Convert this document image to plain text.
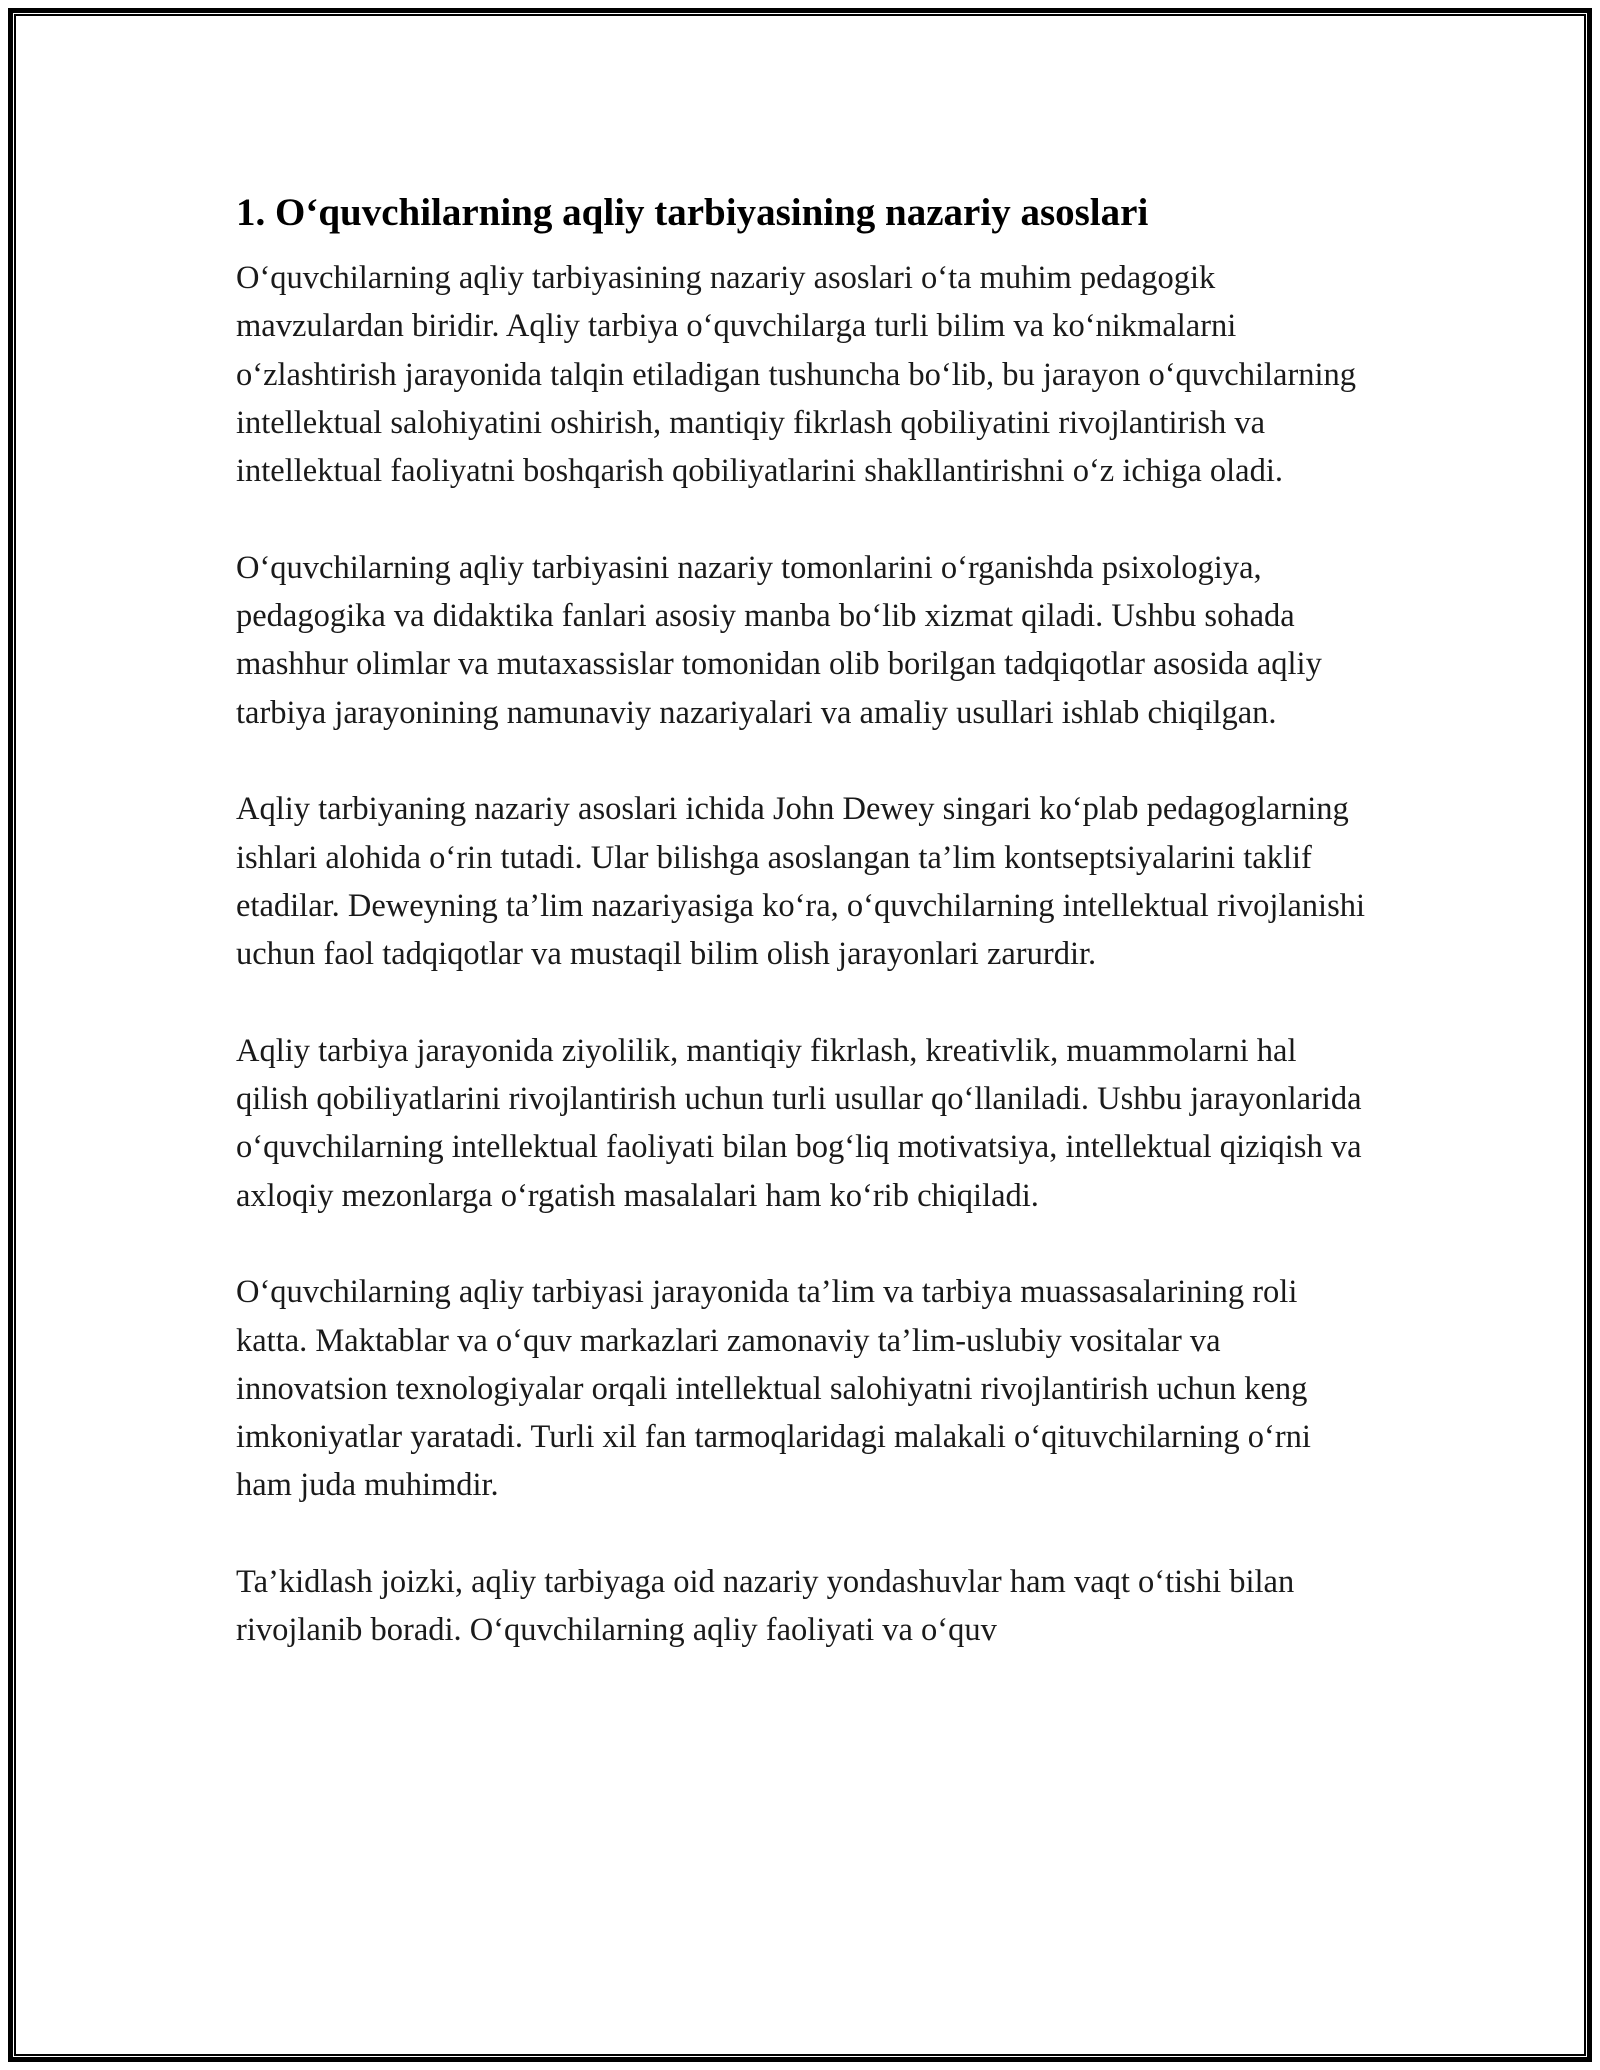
1. O‘quvchilarning aqliy tarbiyasining nazariy asoslari

O‘quvchilarning aqliy tarbiyasining nazariy asoslari o‘ta muhim pedagogik mavzulardan biridir. Aqliy tarbiya o‘quvchilarga turli bilim va ko‘nikmalarni o‘zlashtirish jarayonida talqin etiladigan tushuncha bo‘lib, bu jarayon o‘quvchilarning intellektual salohiyatini oshirish, mantiqiy fikrlash qobiliyatini rivojlantirish va intellektual faoliyatni boshqarish qobiliyatlarini shakllantirishni o‘z ichiga oladi.

O‘quvchilarning aqliy tarbiyasini nazariy tomonlarini o‘rganishda psixologiya, pedagogika va didaktika fanlari asosiy manba bo‘lib xizmat qiladi. Ushbu sohada mashhur olimlar va mutaxassislar tomonidan olib borilgan tadqiqotlar asosida aqliy tarbiya jarayonining namunaviy nazariyalari va amaliy usullari ishlab chiqilgan.

Aqliy tarbiyaning nazariy asoslari ichida John Dewey singari ko‘plab pedagoglarning ishlari alohida o‘rin tutadi. Ular bilishga asoslangan ta’lim kontseptsiyalarini taklif etadilar. Deweyning ta’lim nazariyasiga ko‘ra, o‘quvchilarning intellektual rivojlanishi uchun faol tadqiqotlar va mustaqil bilim olish jarayonlari zarurdir.

Aqliy tarbiya jarayonida ziyolilik, mantiqiy fikrlash, kreativlik, muammolarni hal qilish qobiliyatlarini rivojlantirish uchun turli usullar qo‘llaniladi. Ushbu jarayonlarida o‘quvchilarning intellektual faoliyati bilan bog‘liq motivatsiya, intellektual qiziqish va axloqiy mezonlarga o‘rgatish masalalari ham ko‘rib chiqiladi.

O‘quvchilarning aqliy tarbiyasi jarayonida ta’lim va tarbiya muassasalarining roli katta. Maktablar va o‘quv markazlari zamonaviy ta’lim-uslubiy vositalar va innovatsion texnologiyalar orqali intellektual salohiyatni rivojlantirish uchun keng imkoniyatlar yaratadi. Turli xil fan tarmoqlaridagi malakali o‘qituvchilarning o‘rni ham juda muhimdir.

Ta’kidlash joizki, aqliy tarbiyaga oid nazariy yondashuvlar ham vaqt o‘tishi bilan rivojlanib boradi. O‘quvchilarning aqliy faoliyati va o‘quv
